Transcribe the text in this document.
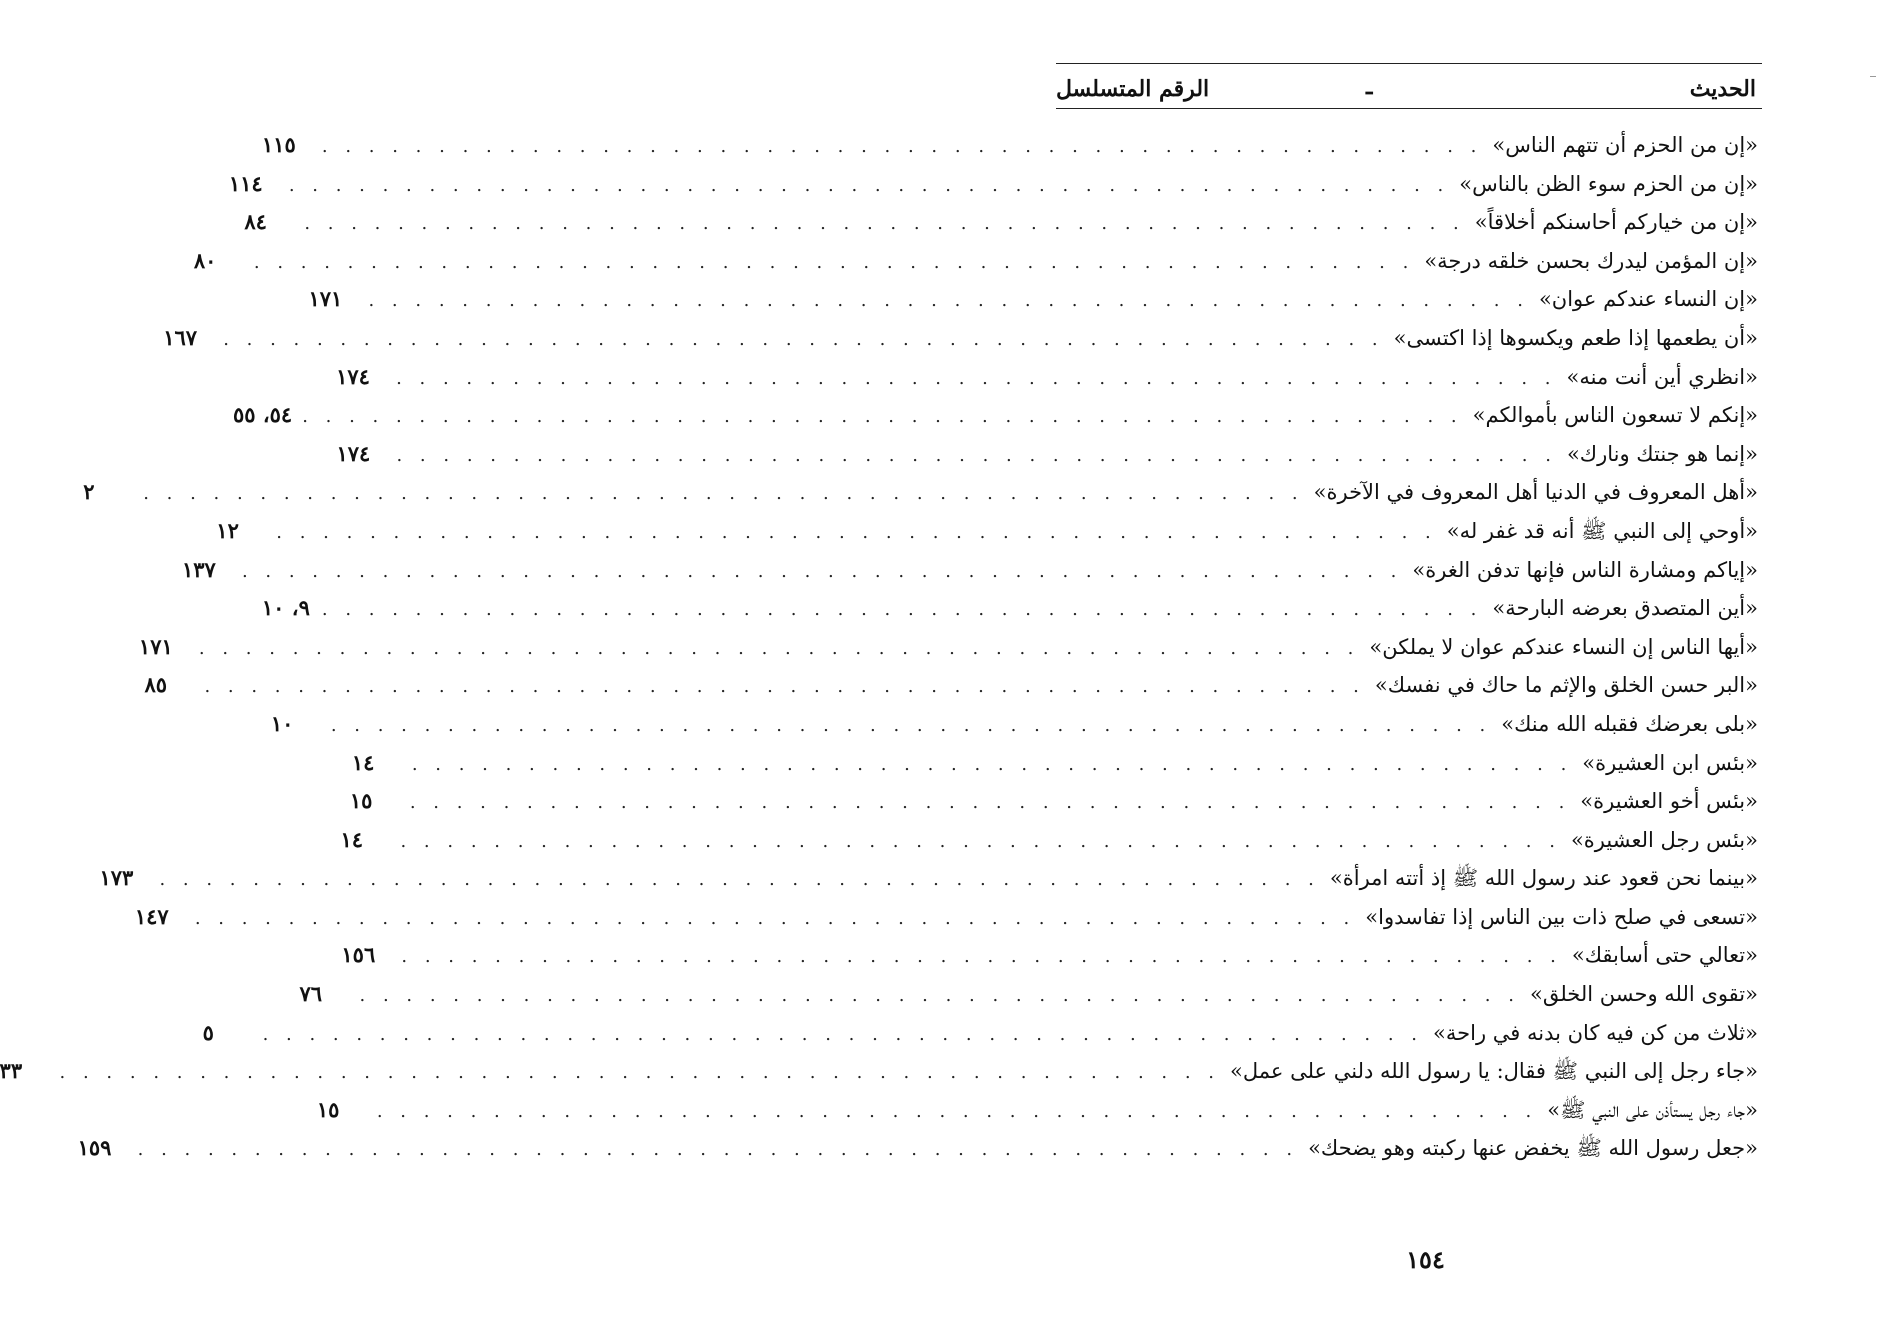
الحديث
ـ
الرقم المتسلسل
«إن من الحزم أن تتهم الناس»
. . . . . . . . . . . . . . . . . . . . . . . . . . . . . . . . . . . . . . . . . . . . . . . . . .
١١٥
«إن من الحزم سوء الظن بالناس»
. . . . . . . . . . . . . . . . . . . . . . . . . . . . . . . . . . . . . . . . . . . . . . . . . .
١١٤
«إن من خياركم أحاسنكم أخلاقاً»
. . . . . . . . . . . . . . . . . . . . . . . . . . . . . . . . . . . . . . . . . . . . . . . . . .
٨٤
«إن المؤمن ليدرك بحسن خلقه درجة»
. . . . . . . . . . . . . . . . . . . . . . . . . . . . . . . . . . . . . . . . . . . . . . . . . .
٨٠
«إن النساء عندكم عوان»
. . . . . . . . . . . . . . . . . . . . . . . . . . . . . . . . . . . . . . . . . . . . . . . . . .
١٧١
«أن يطعمها إذا طعم ويكسوها إذا اكتسى»
. . . . . . . . . . . . . . . . . . . . . . . . . . . . . . . . . . . . . . . . . . . . . . . . . .
١٦٧
«انظري أين أنت منه»
. . . . . . . . . . . . . . . . . . . . . . . . . . . . . . . . . . . . . . . . . . . . . . . . . .
١٧٤
«إنكم لا تسعون الناس بأموالكم»
. . . . . . . . . . . . . . . . . . . . . . . . . . . . . . . . . . . . . . . . . . . . . . . . . .
٥٤، ٥٥
«إنما هو جنتك ونارك»
. . . . . . . . . . . . . . . . . . . . . . . . . . . . . . . . . . . . . . . . . . . . . . . . . .
١٧٤
«أهل المعروف في الدنيا أهل المعروف في الآخرة»
. . . . . . . . . . . . . . . . . . . . . . . . . . . . . . . . . . . . . . . . . . . . . . . . . .
٢
«أوحي إلى النبي ﷺ أنه قد غفر له»
. . . . . . . . . . . . . . . . . . . . . . . . . . . . . . . . . . . . . . . . . . . . . . . . . .
١٢
«إياكم ومشارة الناس فإنها تدفن الغرة»
. . . . . . . . . . . . . . . . . . . . . . . . . . . . . . . . . . . . . . . . . . . . . . . . . .
١٣٧
«أين المتصدق بعرضه البارحة»
. . . . . . . . . . . . . . . . . . . . . . . . . . . . . . . . . . . . . . . . . . . . . . . . . .
٩، ١٠
«أيها الناس إن النساء عندكم عوان لا يملكن»
. . . . . . . . . . . . . . . . . . . . . . . . . . . . . . . . . . . . . . . . . . . . . . . . . .
١٧١
«البر حسن الخلق والإثم ما حاك في نفسك»
. . . . . . . . . . . . . . . . . . . . . . . . . . . . . . . . . . . . . . . . . . . . . . . . . .
٨٥
«بلى بعرضك فقبله الله منك»
. . . . . . . . . . . . . . . . . . . . . . . . . . . . . . . . . . . . . . . . . . . . . . . . . .
١٠
«بئس ابن العشيرة»
. . . . . . . . . . . . . . . . . . . . . . . . . . . . . . . . . . . . . . . . . . . . . . . . . .
١٤
«بئس أخو العشيرة»
. . . . . . . . . . . . . . . . . . . . . . . . . . . . . . . . . . . . . . . . . . . . . . . . . .
١٥
«بئس رجل العشيرة»
. . . . . . . . . . . . . . . . . . . . . . . . . . . . . . . . . . . . . . . . . . . . . . . . . .
١٤
«بينما نحن قعود عند رسول الله ﷺ إذ أتته امرأة»
. . . . . . . . . . . . . . . . . . . . . . . . . . . . . . . . . . . . . . . . . . . . . . . . . .
١٧٣
«تسعى في صلح ذات بين الناس إذا تفاسدوا»
. . . . . . . . . . . . . . . . . . . . . . . . . . . . . . . . . . . . . . . . . . . . . . . . . .
١٤٧
«تعالي حتى أسابقك»
. . . . . . . . . . . . . . . . . . . . . . . . . . . . . . . . . . . . . . . . . . . . . . . . . .
١٥٦
«تقوى الله وحسن الخلق»
. . . . . . . . . . . . . . . . . . . . . . . . . . . . . . . . . . . . . . . . . . . . . . . . . .
٧٦
«ثلاث من كن فيه كان بدنه في راحة»
. . . . . . . . . . . . . . . . . . . . . . . . . . . . . . . . . . . . . . . . . . . . . . . . . .
٥
«جاء رجل إلى النبي ﷺ فقال: يا رسول الله دلني على عمل»
. . . . . . . . . . . . . . . . . . . . . . . . . . . . . . . . . . . . . . . . . . . . . . . . . .
٣٣
«جاء رجل يستأذن على النبي ﷺ»
. . . . . . . . . . . . . . . . . . . . . . . . . . . . . . . . . . . . . . . . . . . . . . . . . .
١٥
«جعل رسول الله ﷺ يخفض عنها ركبته وهو يضحك»
. . . . . . . . . . . . . . . . . . . . . . . . . . . . . . . . . . . . . . . . . . . . . . . . . .
١٥٩
١٥٤
